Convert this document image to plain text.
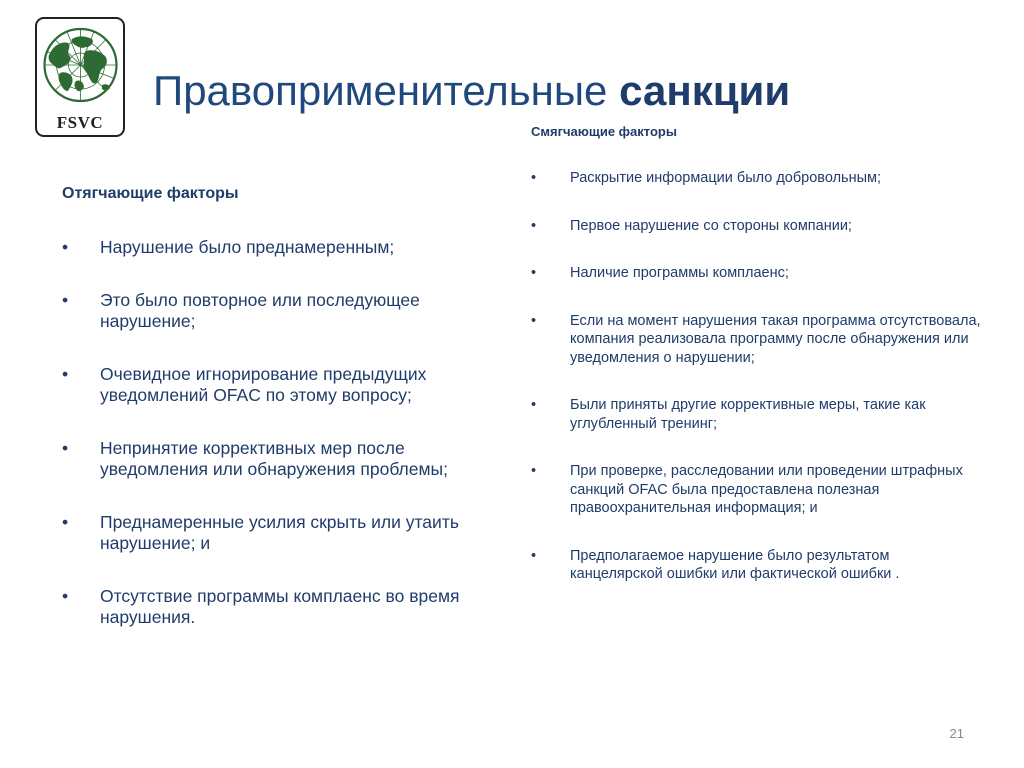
FSVC
Правоприменительные санкции
Отягчающие факторы
• Нарушение было преднамеренным;
• Это было повторное или последующее нарушение;
• Очевидное игнорирование предыдущих уведомлений OFAC по этому вопросу;
• Непринятие коррективных мер после уведомления или обнаружения проблемы;
• Преднамеренные усилия скрыть или утаить нарушение; и
• Отсутствие программы комплаенс во время нарушения.
Смягчающие факторы
• Раскрытие информации было добровольным;
• Первое нарушение со стороны компании;
• Наличие программы комплаенс;
• Если на момент нарушения такая программа отсутствовала, компания реализовала программу после обнаружения или уведомления о нарушении;
• Были приняты другие коррективные меры, такие как углубленный тренинг;
• При проверке, расследовании или проведении штрафных санкций OFAC была предоставлена полезная правоохранительная информация; и
• Предполагаемое нарушение было результатом канцелярской ошибки или фактической ошибки .
21
